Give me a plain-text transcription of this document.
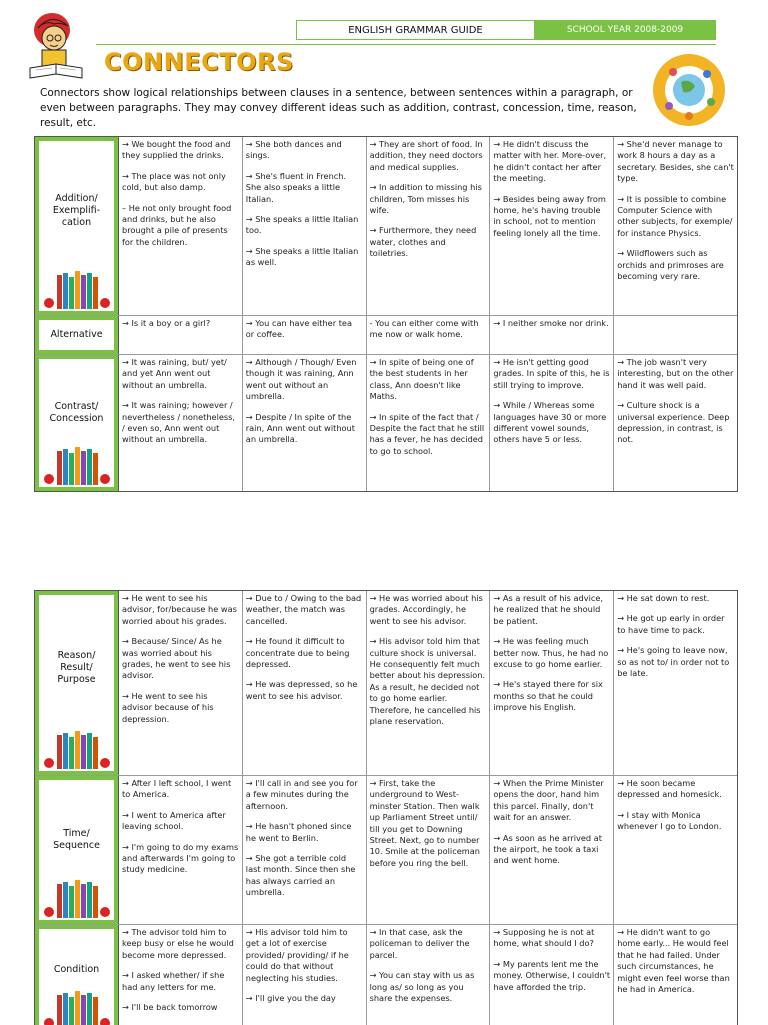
ENGLISH GRAMMAR GUIDE	SCHOOL YEAR 2008-2009
CONNECTORS
Connectors show logical relationships between clauses in a sentence, between sentences within a paragraph, or even between paragraphs. They may convey different ideas such as addition, contrast, concession, time, reason, result, etc.
Addition/
Exemplifi-
cation

→ We bought the food and they supplied the drinks.

→ The place was not only cold, but also damp.

– He not only brought food and drinks, but he also brought a pile of presents for the children.

→ She both dances and sings.

→ She's fluent in French. She also speaks a little Italian.

→ She speaks a little Italian too.

→ She speaks a little Italian as well.

→ They are short of food. In addition, they need doctors and medical supplies.

→ In addition to missing his children, Tom misses his wife.

→ Furthermore, they need water, clothes and toiletries.

→ He didn't discuss the matter with her. More-over, he didn't contact her after the meeting.

→ Besides being away from home, he's having trouble in school, not to mention feeling lonely all the time.

→ She'd never manage to work 8 hours a day as a secretary. Besides, she can't type.

→ It is possible to combine Computer Science with other subjects, for exemple/ for instance Physics.

→ Wildflowers such as orchids and primroses are becoming very rare.

Alternative

→ Is it a boy or a girl?	→ You can have either tea or coffee.

- You can either come with me now or walk home.

→ I neither smoke nor drink.

Contrast/
Concession

→ It was raining, but/ yet/ and yet Ann went out without an umbrella.

→ It was raining; however / nevertheless / nonetheless, / even so, Ann went out without an umbrella.

→ Although / Though/ Even though it was raining, Ann went out without an umbrella.

→ Despite / In spite of the rain, Ann went out without an umbrella.

→ In spite of being one of the best students in her class, Ann doesn't like Maths.

→ In spite of the fact that / Despite the fact that he still has a fever, he has decided to go to school.

→ He isn't getting good grades. In spite of this, he is still trying to improve.

→ While / Whereas some languages have 30 or more different vowel sounds, others have 5 or less.

→ The job wasn't very interesting, but on the other hand it was well paid.

→ Culture shock is a universal experience. Deep depression, in contrast, is not.

Reason/
Result/
Purpose

→ He went to see his advisor, for/because he was worried about his grades.

→ Because/ Since/ As he was worried about his grades, he went to see his advisor.

→ He went to see his advisor because of his depression.

→ Due to / Owing to the bad weather, the match was cancelled.

→ He found it difficult to concentrate due to being depressed.

→ He was depressed, so he went to see his advisor.

→ He was worried about his grades. Accordingly, he went to see his advisor.

→ His advisor told him that culture shock is universal. He consequently felt much better about his depression. As a result, he decided not to go home earlier. Therefore, he cancelled his plane reservation.

→ As a result of his advice, he realized that he should be patient.

→ He was feeling much better now. Thus, he had no excuse to go home earlier.

→ He's stayed there for six months so that he could improve his English.

→ He sat down to rest.

→ He got up early in order to have time to pack.

→ He's going to leave now, so as not to/ in order not to be late.

Time/
Sequence

→ After I left school, I went to America.

→ I went to America after leaving school.

→ I'm going to do my exams and afterwards I'm going to study medicine.

→ I'll call in and see you for a few minutes during the afternoon.

→ He hasn't phoned since he went to Berlin.

→ She got a terrible cold last month. Since then she has always carried an umbrella.

→ First, take the underground to West-minster Station. Then walk up Parliament Street until/ till you get to Downing Street. Next, go to number 10. Smile at the policeman before you ring the bell.

→ When the Prime Minister opens the door, hand him this parcel. Finally, don't wait for an answer.

→ As soon as he arrived at the airport, he took a taxi and went home.

→ He soon became depressed and homesick.

→ I stay with Monica whenever I go to London.

Condition

→ The advisor told him to keep busy or else he would become more depressed.

→ I asked whether/ if she had any letters for me.

→ I'll be back tomorrow

→ His advisor told him to get a lot of exercise provided/ providing/ if he could do that without neglecting his studies.

→ I'll give you the day

→ In that case, ask the policeman to deliver the parcel.

→ You can stay with us as long as/ so long as you share the expenses.

→ Supposing he is not at home, what should I do?

→ My parents lent me the money. Otherwise, I couldn't have afforded the trip.

→ He didn't want to go home early... He would feel that he had failed. Under such circumstances, he might even feel worse than he had in America.
